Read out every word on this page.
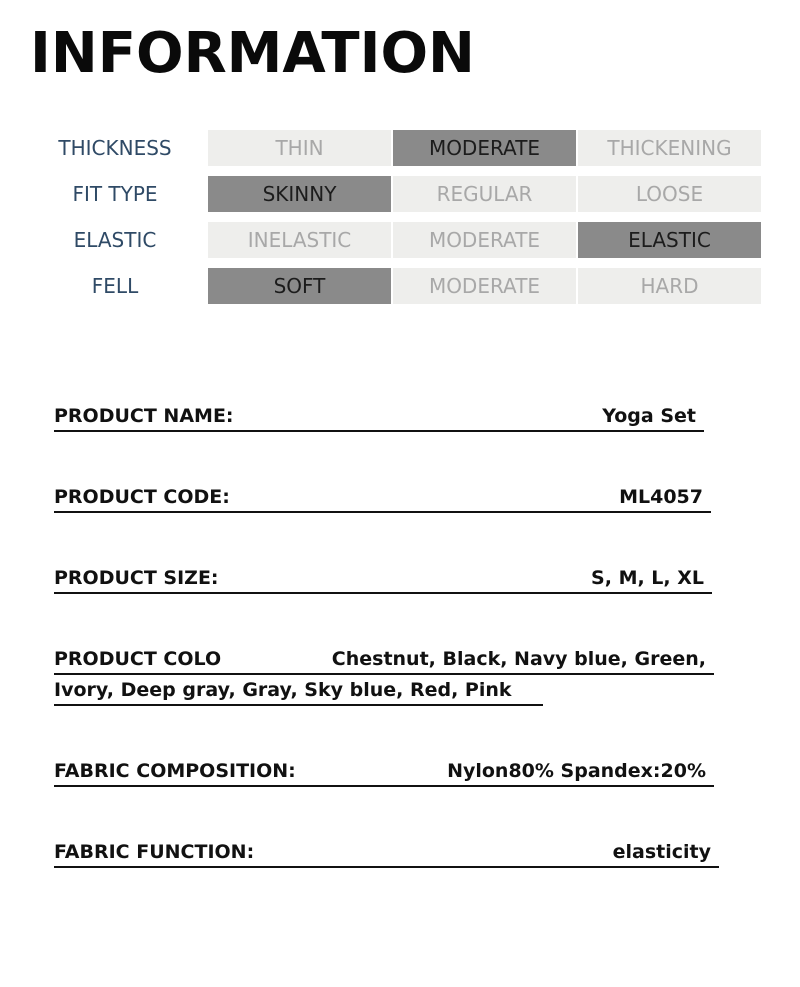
INFORMATION
THICKNESS	THIN	MODERATE	THICKENING
FIT TYPE	SKINNY	REGULAR	LOOSE
ELASTIC	INELASTIC	MODERATE	ELASTIC
FELL	SOFT	MODERATE	HARD
PRODUCT NAME:	Yoga Set
PRODUCT CODE:	ML4057
PRODUCT SIZE:	S, M, L, XL
PRODUCT COLO	Chestnut, Black, Navy blue, Green,
Ivory, Deep gray, Gray, Sky blue, Red, Pink
FABRIC COMPOSITION:	Nylon80% Spandex:20%
FABRIC FUNCTION:	elasticity
